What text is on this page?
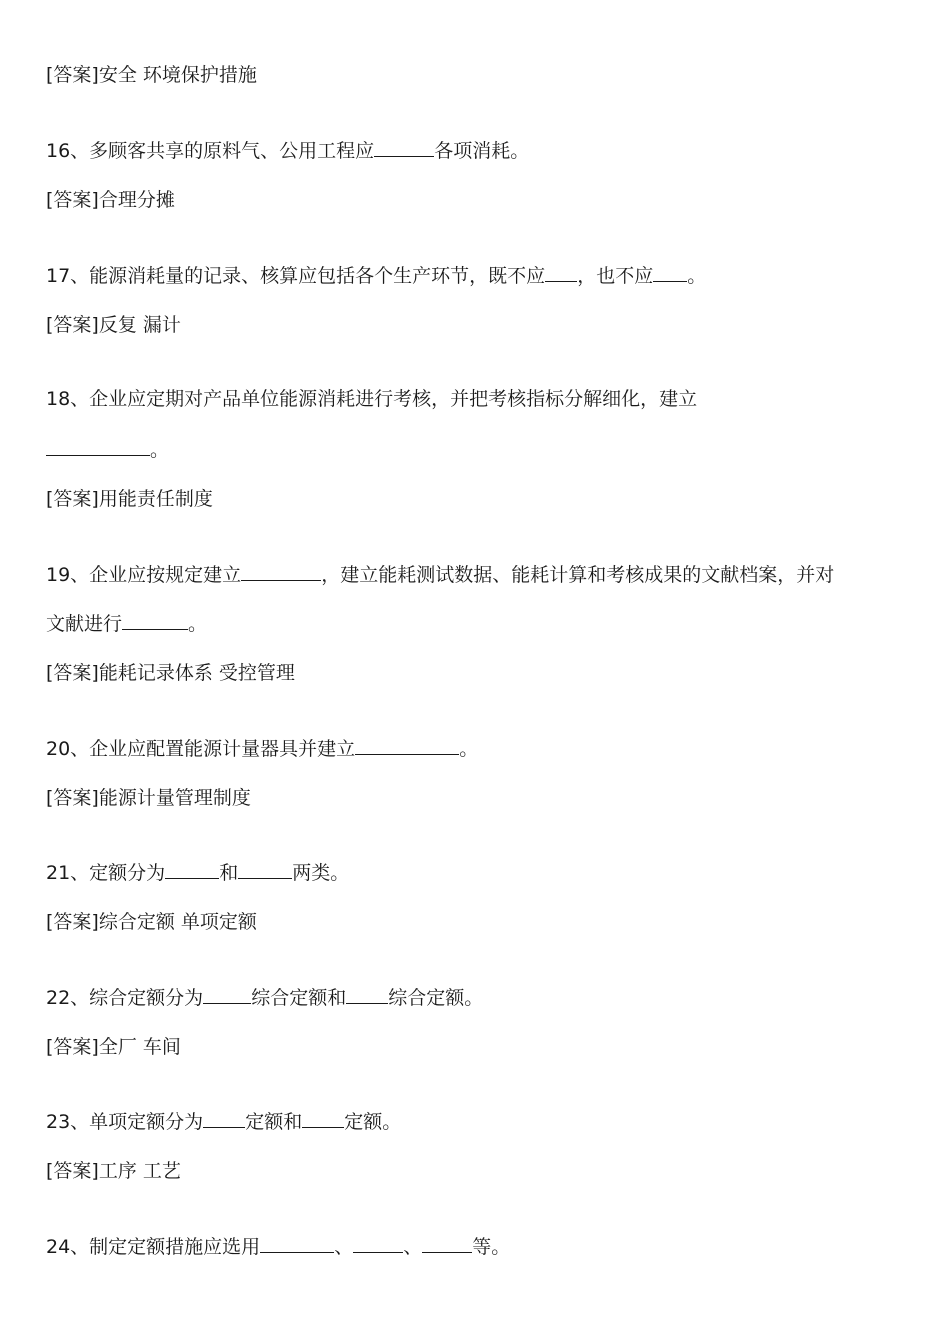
[答案]安全 环境保护措施
16、多顾客共享的原料气、公用工程应	各项消耗。
[答案]合理分摊
17、能源消耗量的记录、核算应包括各个生产环节，既不应 ，也不应 。
[答案]反复 漏计
18、企业应定期对产品单位能源消耗进行考核，并把考核指标分解细化，建立
。
[答案]用能责任制度
19、企业应按规定建立	，建立能耗测试数据、能耗计算和考核成果的文献档案，并对
文献进行	。
[答案]能耗记录体系 受控管理
20、企业应配置能源计量器具并建立	。
[答案]能源计量管理制度
21、定额分为	和	两类。
[答案]综合定额 单项定额
22、综合定额分为	综合定额和 综合定额。
[答案]全厂 车间
23、单项定额分为 定额和 定额。
[答案]工序 工艺
24、制定定额措施应选用	、	、	等。
